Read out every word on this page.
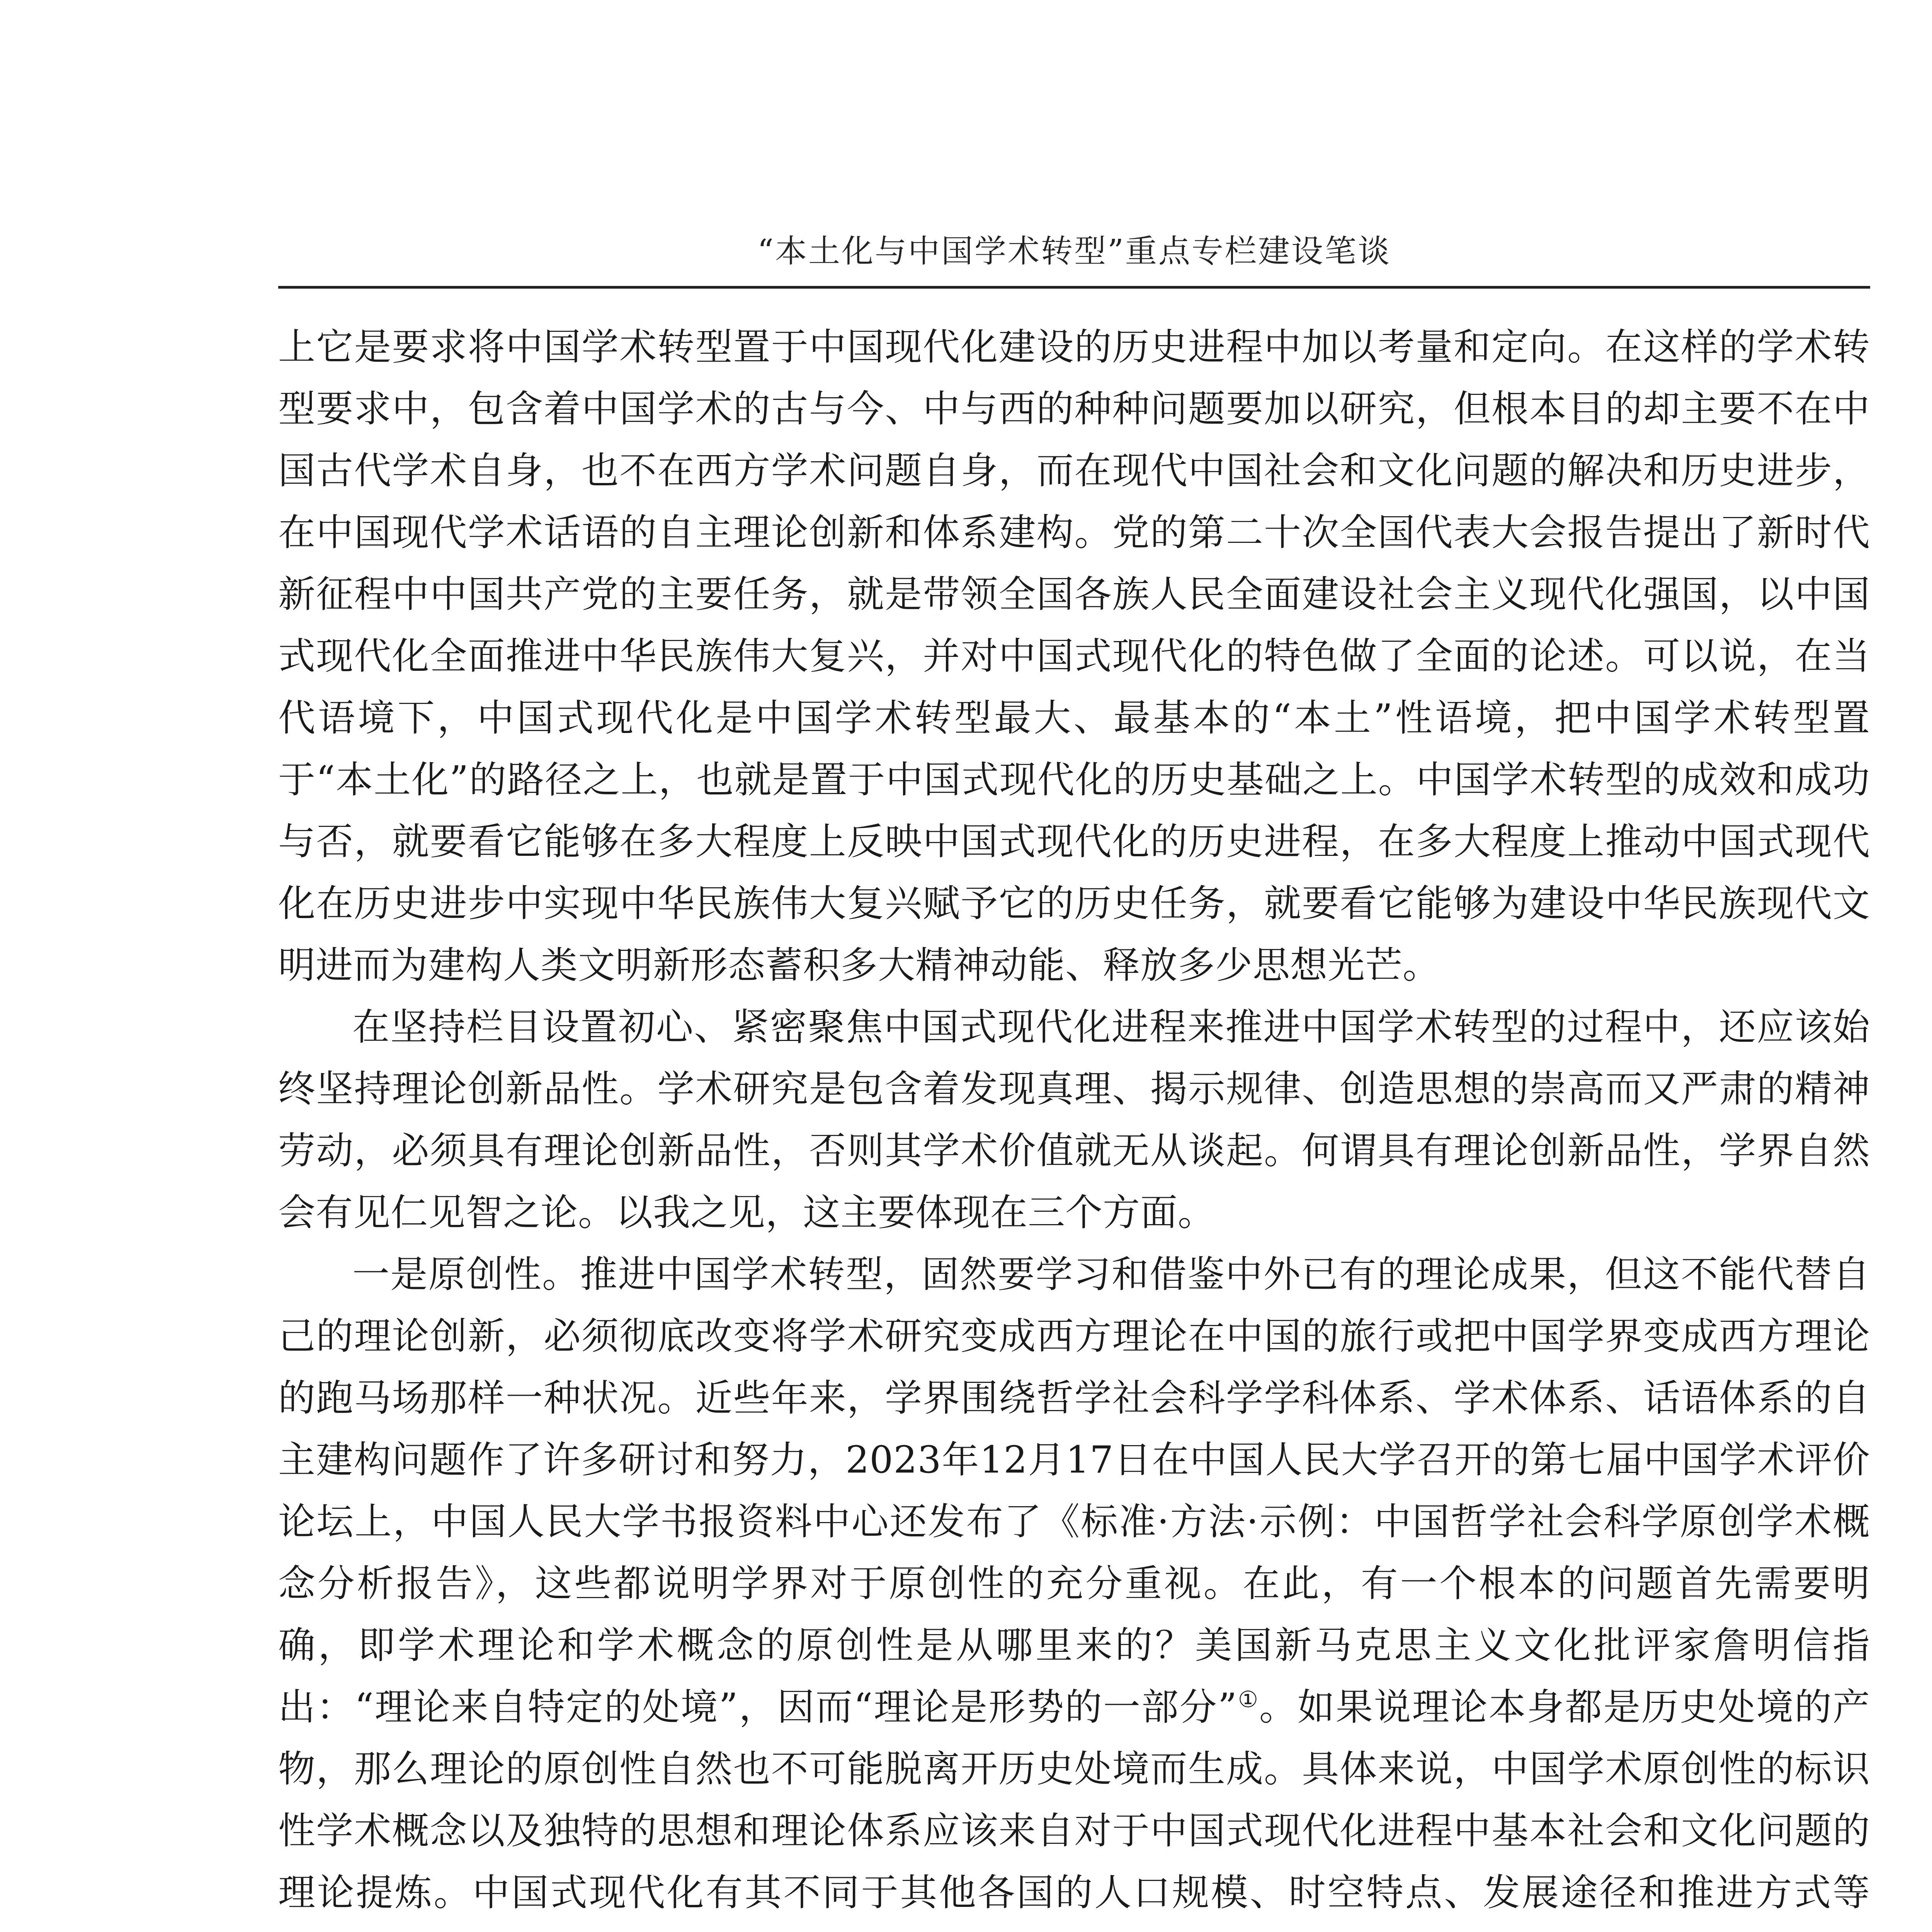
“本土化与中国学术转型”重点专栏建设笔谈

上它是要求将中国学术转型置于中国现代化建设的历史进程中加以考量和定向。在这样的学术转型要求中，包含着中国学术的古与今、中与西的种种问题要加以研究，但根本目的却主要不在中国古代学术自身，也不在西方学术问题自身，而在现代中国社会和文化问题的解决和历史进步，在中国现代学术话语的自主理论创新和体系建构。党的第二十次全国代表大会报告提出了新时代新征程中中国共产党的主要任务，就是带领全国各族人民全面建设社会主义现代化强国，以中国式现代化全面推进中华民族伟大复兴，并对中国式现代化的特色做了全面的论述。可以说，在当代语境下，中国式现代化是中国学术转型最大、最基本的“本土”性语境，把中国学术转型置于“本土化”的路径之上，也就是置于中国式现代化的历史基础之上。中国学术转型的成效和成功与否，就要看它能够在多大程度上反映中国式现代化的历史进程，在多大程度上推动中国式现代化在历史进步中实现中华民族伟大复兴赋予它的历史任务，就要看它能够为建设中华民族现代文明进而为建构人类文明新形态蓄积多大精神动能、释放多少思想光芒。

在坚持栏目设置初心、紧密聚焦中国式现代化进程来推进中国学术转型的过程中，还应该始终坚持理论创新品性。学术研究是包含着发现真理、揭示规律、创造思想的崇高而又严肃的精神劳动，必须具有理论创新品性，否则其学术价值就无从谈起。何谓具有理论创新品性，学界自然会有见仁见智之论。以我之见，这主要体现在三个方面。

一是原创性。推进中国学术转型，固然要学习和借鉴中外已有的理论成果，但这不能代替自己的理论创新，必须彻底改变将学术研究变成西方理论在中国的旅行或把中国学界变成西方理论的跑马场那样一种状况。近些年来，学界围绕哲学社会科学学科体系、学术体系、话语体系的自主建构问题作了许多研讨和努力，2023年12月17日在中国人民大学召开的第七届中国学术评价论坛上，中国人民大学书报资料中心还发布了《标准·方法·示例：中国哲学社会科学原创学术概念分析报告》，这些都说明学界对于原创性的充分重视。在此，有一个根本的问题首先需要明确，即学术理论和学术概念的原创性是从哪里来的？美国新马克思主义文化批评家詹明信指出：“理论来自特定的处境”，因而“理论是形势的一部分”①。如果说理论本身都是历史处境的产物，那么理论的原创性自然也不可能脱离开历史处境而生成。具体来说，中国学术原创性的标识性学术概念以及独特的思想和理论体系应该来自对于中国式现代化进程中基本社会和文化问题的理论提炼。中国式现代化有其不同于其他各国的人口规模、时空特点、发展途径和推进方式等
